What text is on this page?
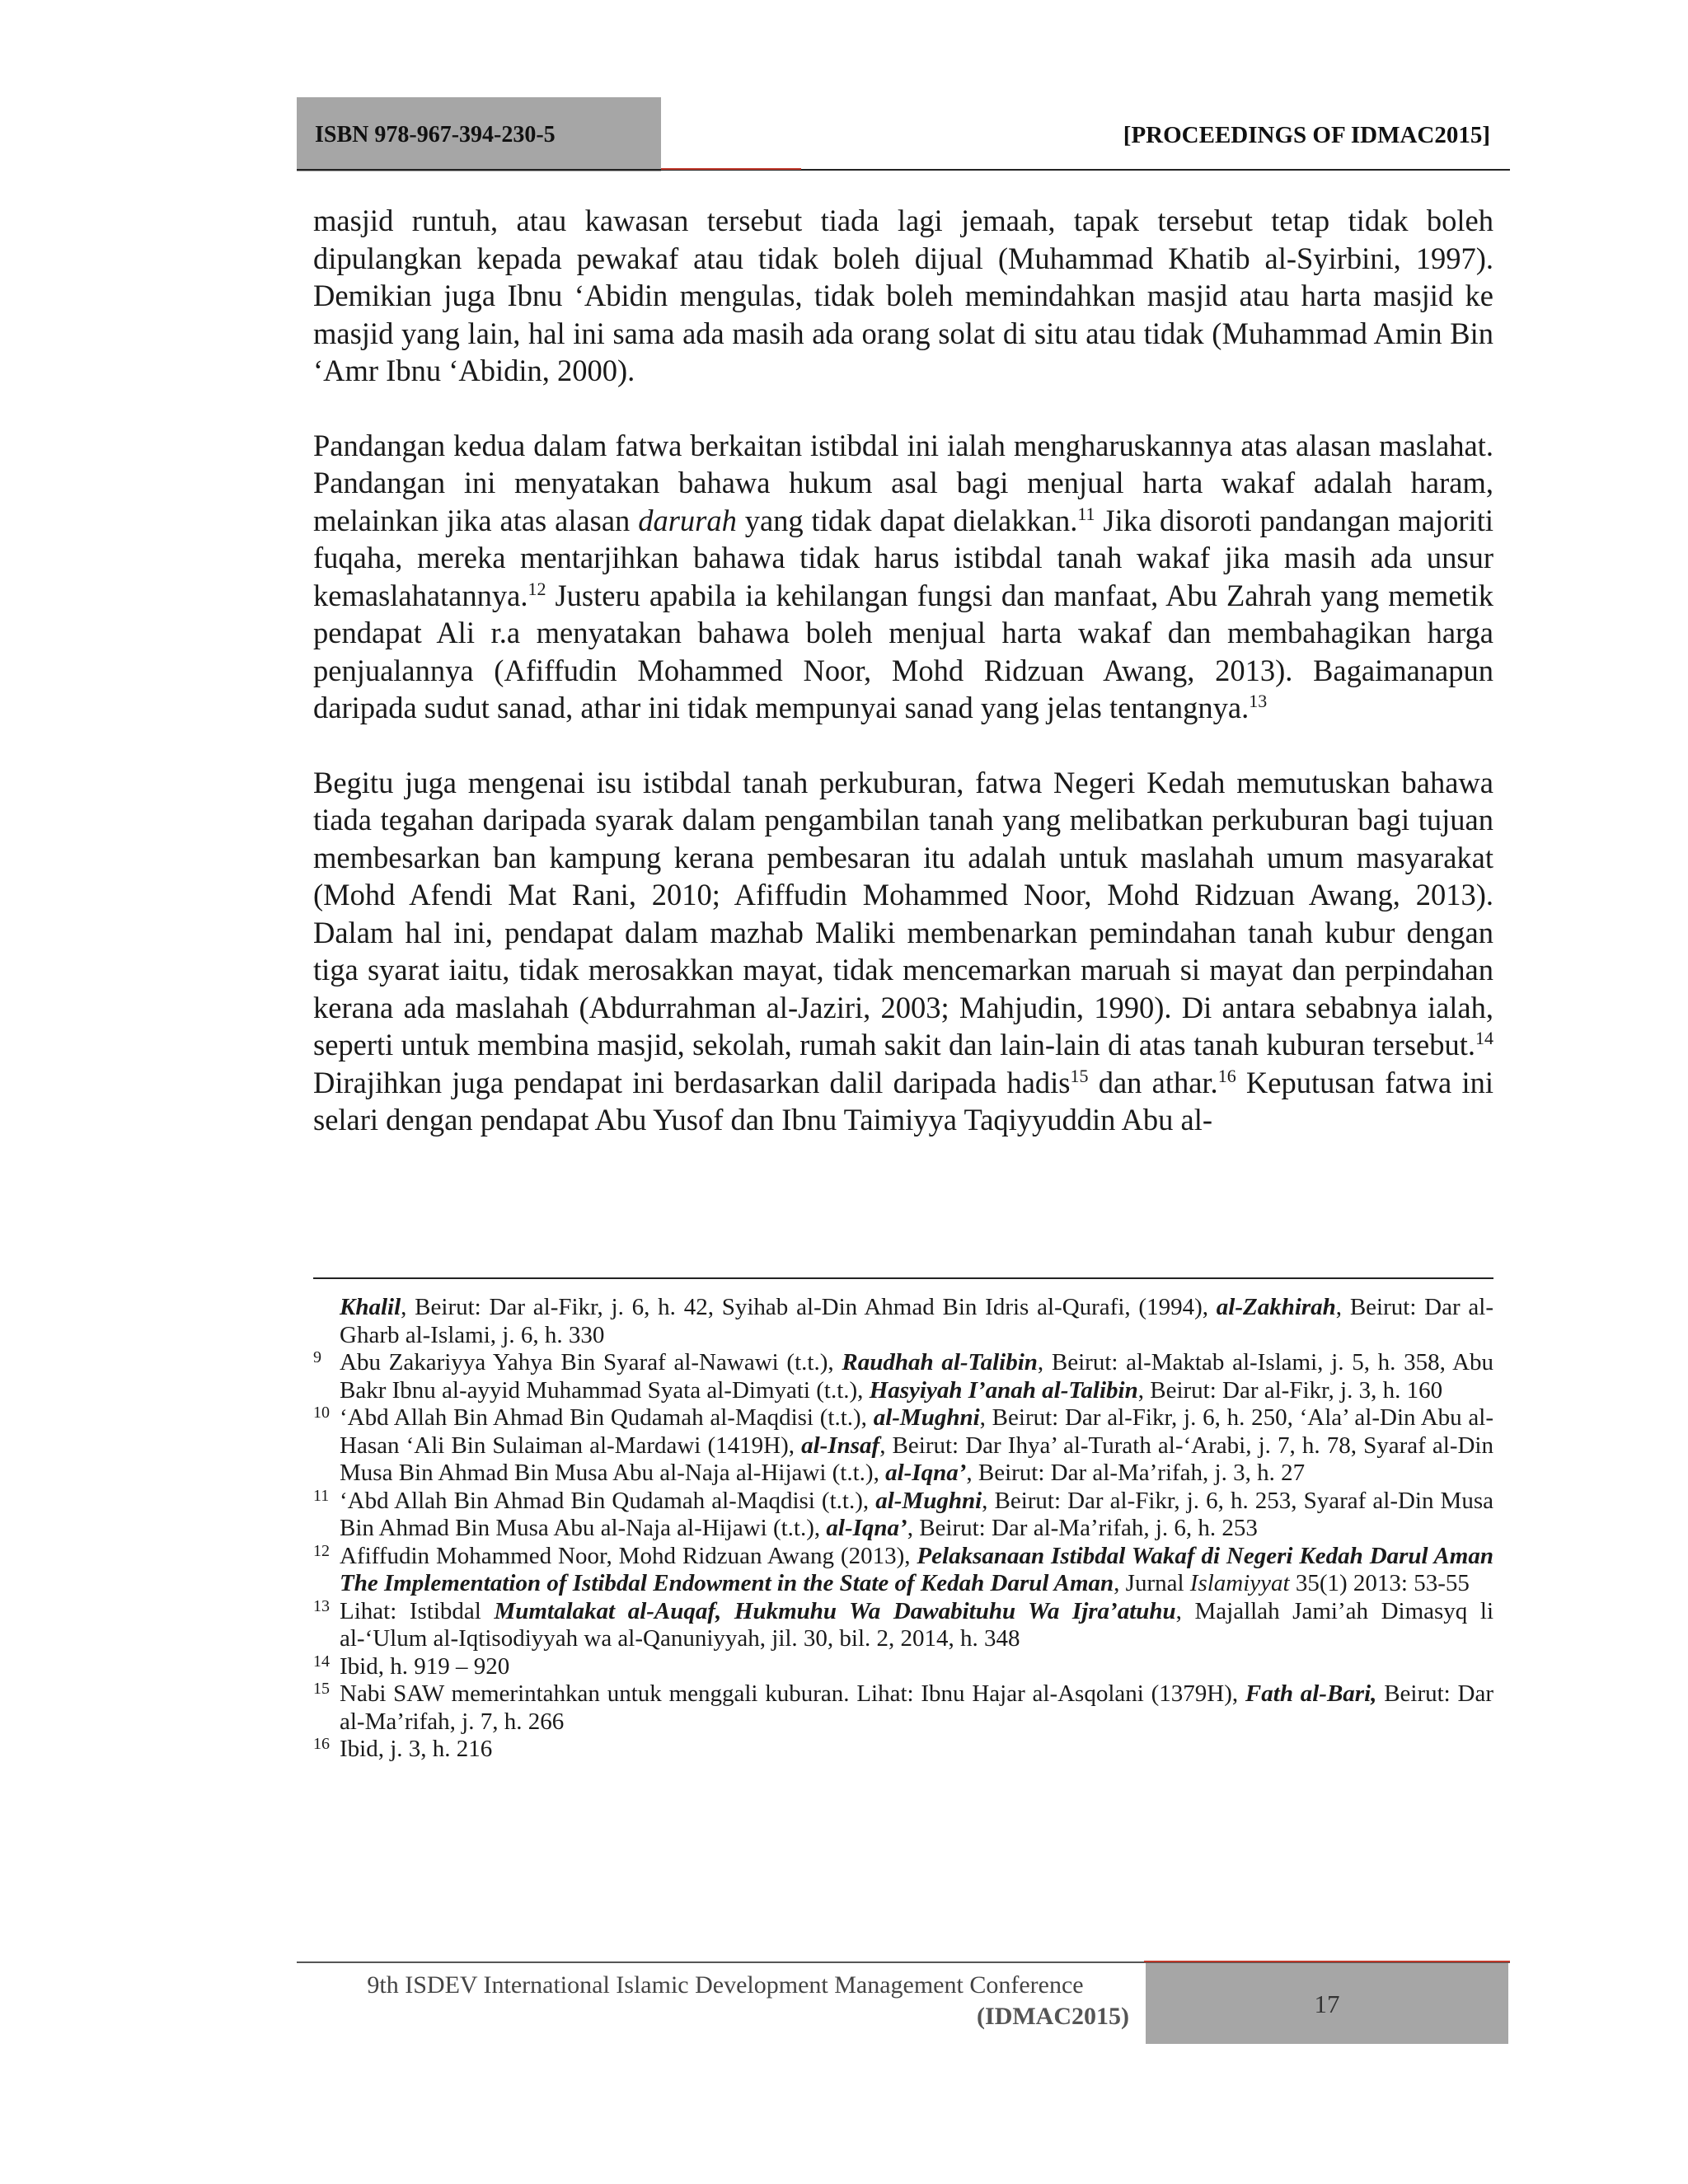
ISBN 978-967-394-230-5	[PROCEEDINGS OF IDMAC2015]

masjid runtuh, atau kawasan tersebut tiada lagi jemaah, tapak tersebut tetap tidak boleh dipulangkan kepada pewakaf atau tidak boleh dijual (Muhammad Khatib al-Syirbini, 1997). Demikian juga Ibnu ‘Abidin mengulas, tidak boleh memindahkan masjid atau harta masjid ke masjid yang lain, hal ini sama ada masih ada orang solat di situ atau tidak (Muhammad Amin Bin ‘Amr Ibnu ‘Abidin, 2000).

Pandangan kedua dalam fatwa berkaitan istibdal ini ialah mengharuskannya atas alasan maslahat. Pandangan ini menyatakan bahawa hukum asal bagi menjual harta wakaf adalah haram, melainkan jika atas alasan darurah yang tidak dapat dielakkan.$^{11}$ Jika disoroti pandangan majoriti fuqaha, mereka mentarjihkan bahawa tidak harus istibdal tanah wakaf jika masih ada unsur kemaslahatannya.$^{12}$ Justeru apabila ia kehilangan fungsi dan manfaat, Abu Zahrah yang memetik pendapat Ali r.a menyatakan bahawa boleh menjual harta wakaf dan membahagikan harga penjualannya (Afiffudin Mohammed Noor, Mohd Ridzuan Awang, 2013). Bagaimanapun daripada sudut sanad, athar ini tidak mempunyai sanad yang jelas tentangnya.$^{13}$

Begitu juga mengenai isu istibdal tanah perkuburan, fatwa Negeri Kedah memutuskan bahawa tiada tegahan daripada syarak dalam pengambilan tanah yang melibatkan perkuburan bagi tujuan membesarkan ban kampung kerana pembesaran itu adalah untuk maslahah umum masyarakat (Mohd Afendi Mat Rani, 2010; Afiffudin Mohammed Noor, Mohd Ridzuan Awang, 2013). Dalam hal ini, pendapat dalam mazhab Maliki membenarkan pemindahan tanah kubur dengan tiga syarat iaitu, tidak merosakkan mayat, tidak mencemarkan maruah si mayat dan perpindahan kerana ada maslahah (Abdurrahman al-Jaziri, 2003; Mahjudin, 1990). Di antara sebabnya ialah, seperti untuk membina masjid, sekolah, rumah sakit dan lain-lain di atas tanah kuburan tersebut.$^{14}$ Dirajihkan juga pendapat ini berdasarkan dalil daripada hadis$^{15}$ dan athar.$^{16}$ Keputusan fatwa ini selari dengan pendapat Abu Yusof dan Ibnu Taimiyya Taqiyyuddin Abu al-

Khalil, Beirut: Dar al-Fikr, j. 6, h. 42, Syihab al-Din Ahmad Bin Idris al-Qurafi, (1994), al-Zakhirah, Beirut: Dar al-Gharb al-Islami, j. 6, h. 330
9 Abu Zakariyya Yahya Bin Syaraf al-Nawawi (t.t.), Raudhah al-Talibin, Beirut: al-Maktab al-Islami, j. 5, h. 358, Abu Bakr Ibnu al-ayyid Muhammad Syata al-Dimyati (t.t.), Hasyiyah I’anah al-Talibin, Beirut: Dar al-Fikr, j. 3, h. 160
10 ‘Abd Allah Bin Ahmad Bin Qudamah al-Maqdisi (t.t.), al-Mughni, Beirut: Dar al-Fikr, j. 6, h. 250, ‘Ala’ al-Din Abu al-Hasan ‘Ali Bin Sulaiman al-Mardawi (1419H), al-Insaf, Beirut: Dar Ihya’ al-Turath al-‘Arabi, j. 7, h. 78, Syaraf al-Din Musa Bin Ahmad Bin Musa Abu al-Naja al-Hijawi (t.t.), al-Iqna’, Beirut: Dar al-Ma’rifah, j. 3, h. 27
11 ‘Abd Allah Bin Ahmad Bin Qudamah al-Maqdisi (t.t.), al-Mughni, Beirut: Dar al-Fikr, j. 6, h. 253, Syaraf al-Din Musa Bin Ahmad Bin Musa Abu al-Naja al-Hijawi (t.t.), al-Iqna’, Beirut: Dar al-Ma’rifah, j. 6, h. 253
12 Afiffudin Mohammed Noor, Mohd Ridzuan Awang (2013), Pelaksanaan Istibdal Wakaf di Negeri Kedah Darul Aman The Implementation of Istibdal Endowment in the State of Kedah Darul Aman, Jurnal Islamiyyat 35(1) 2013: 53-55
13 Lihat: Istibdal Mumtalakat al-Auqaf, Hukmuhu Wa Dawabituhu Wa Ijra’atuhu, Majallah Jami’ah Dimasyq li al-‘Ulum al-Iqtisodiyyah wa al-Qanuniyyah, jil. 30, bil. 2, 2014, h. 348
14 Ibid, h. 919 – 920
15 Nabi SAW memerintahkan untuk menggali kuburan. Lihat: Ibnu Hajar al-Asqolani (1379H), Fath al-Bari, Beirut: Dar al-Ma’rifah, j. 7, h. 266
16 Ibid, j. 3, h. 216
9th ISDEV International Islamic Development Management Conference
(IDMAC2015)	17
